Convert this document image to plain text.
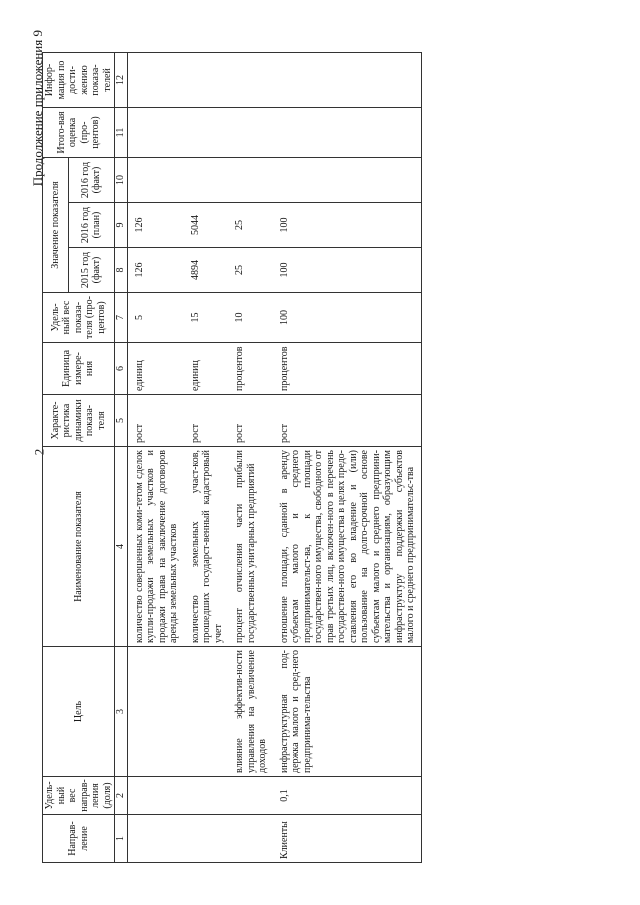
2
Продолжение приложения 9
Направ-ление	Удель-ный вес направ-ления (доля)	Цель	Наименование показателя	Характе-ристика динамики показа-теля	Единица измере-ния	Удель-ный вес показа-теля (про-центов)	Значение показателя			Итого-вая оценка (про-центов)	Инфор-мация по дости-жению показа-телей
							2015 год (факт)	2016 год (план)	2016 год (факт)		
1	2	3	4	5	6	7	8	9	10	11	12
			количество совершенных коми-тетом сделок купли-продажи земельных участков и продажи права на заключение договоров аренды земельных участков	рост	единиц	5	126	126			
			количество земельных участ-ков, прошедших государст-венный кадастровый учет	рост	единиц	15	4894	5044			
		влияние эффектив-ности управления на увеличение доходов	процент отчисления части прибыли государственных унитарных предприятий	рост	процентов	10	25	25			
Клиенты	0,1	инфраструктурная под-держка малого и сред-него предпринима-тельства	отношение площади, сданной в аренду субъектам малого и среднего предпринимательст-ва, к площади государствен-ного имущества, свободного от прав третьих лиц, включен-ного в перечень государствен-ного имущества в целях предо-ставления его во владение и (или) пользование на долго-срочной основе субъектам малого и среднего предприни-мательства и организациям, образующим инфраструктуру поддержки субъектов малого и среднего предпринимательс-тва	рост	процентов	100	100	100			
